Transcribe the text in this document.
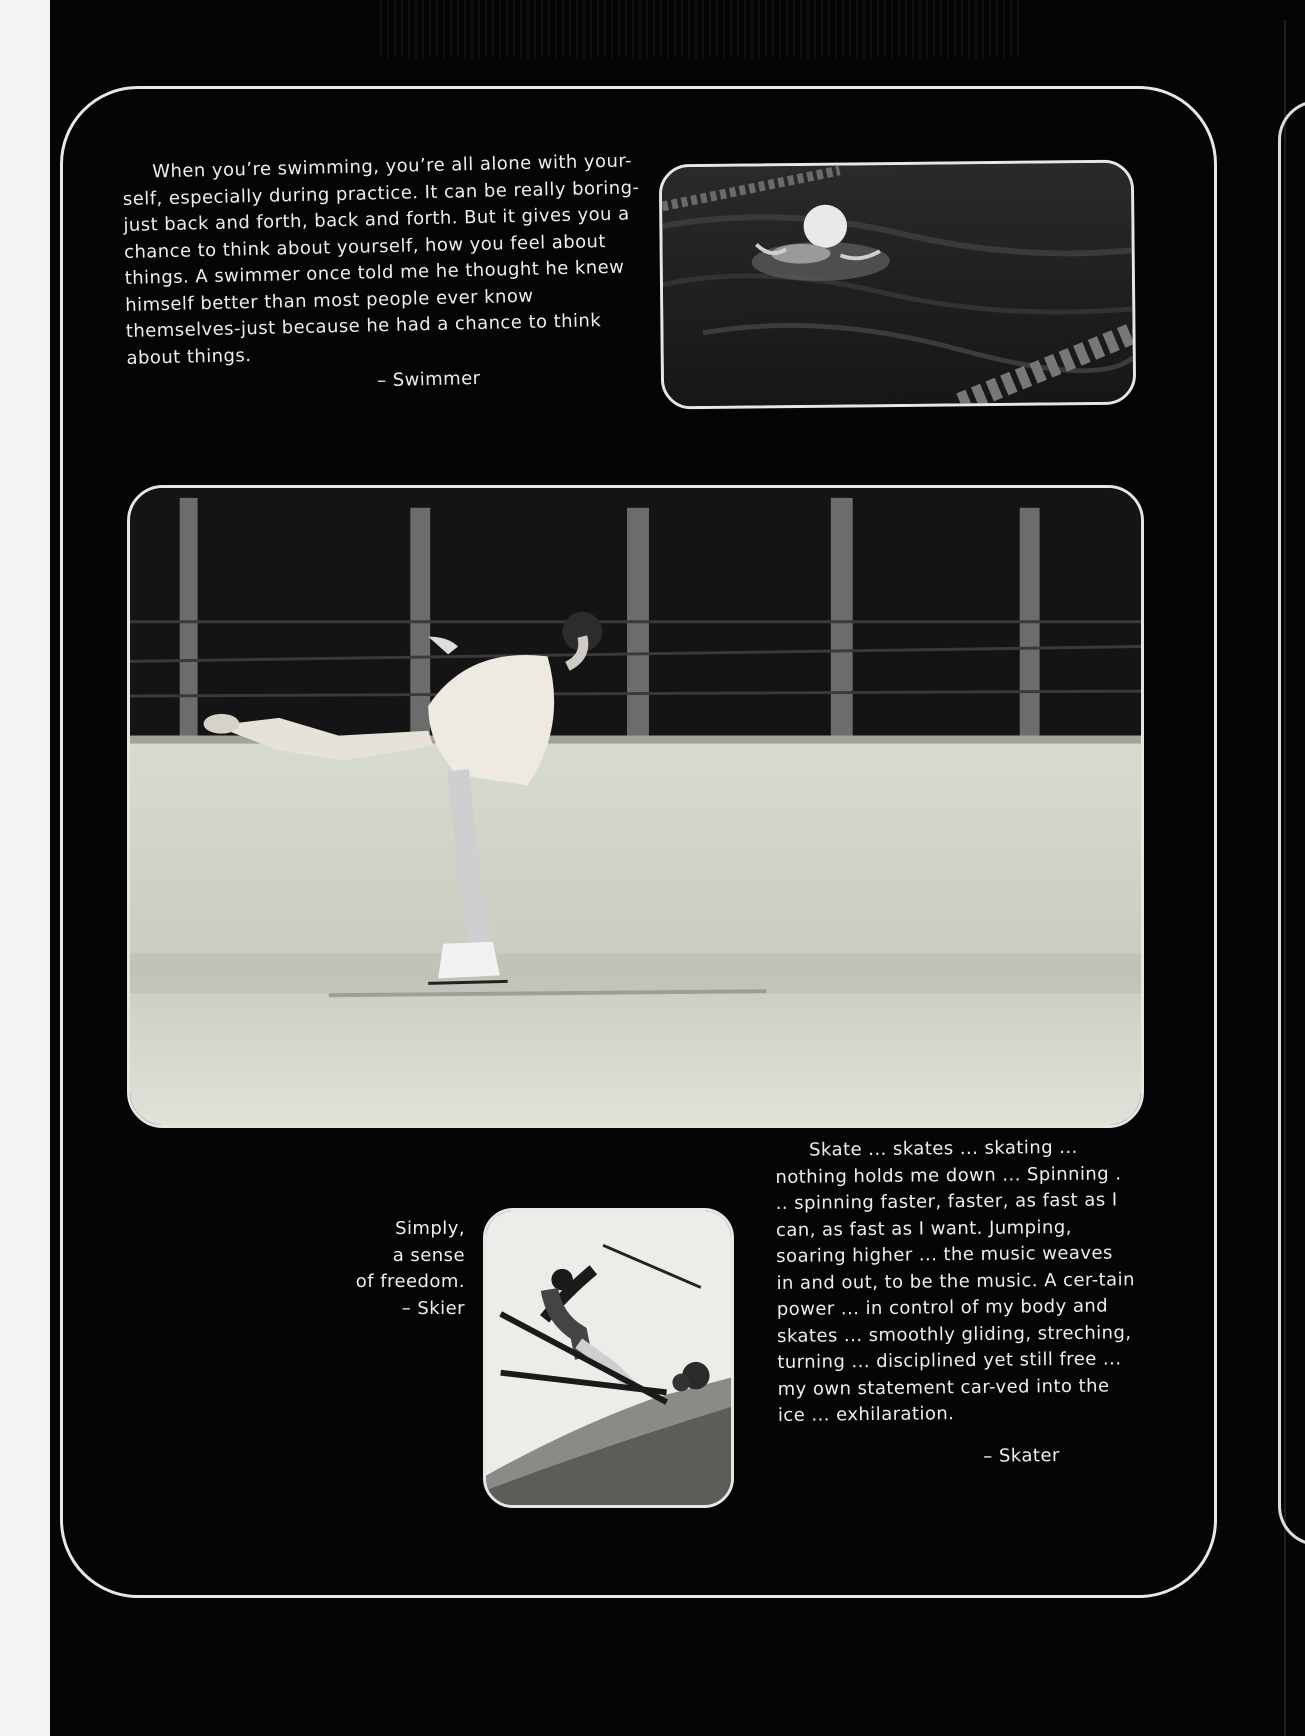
When you’re swimming, you’re all alone with your-self, especially during practice. It can be really boring-just back and forth, back and forth. But it gives you a chance to think about yourself, how you feel about things. A swimmer once told me he thought he knew himself better than most people ever know themselves-just because he had a chance to think about things.

– Swimmer

Simply,
a sense
of freedom.
– Skier

Skate ... skates ... skating ... nothing holds me down ... Spinning . .. spinning faster, faster, as fast as I can, as fast as I want. Jumping, soaring higher ... the music weaves in and out, to be the music. A cer-tain power ... in control of my body and skates ... smoothly gliding, streching, turning ... disciplined yet still free ... my own statement car-ved into the ice ... exhilaration.

– Skater
